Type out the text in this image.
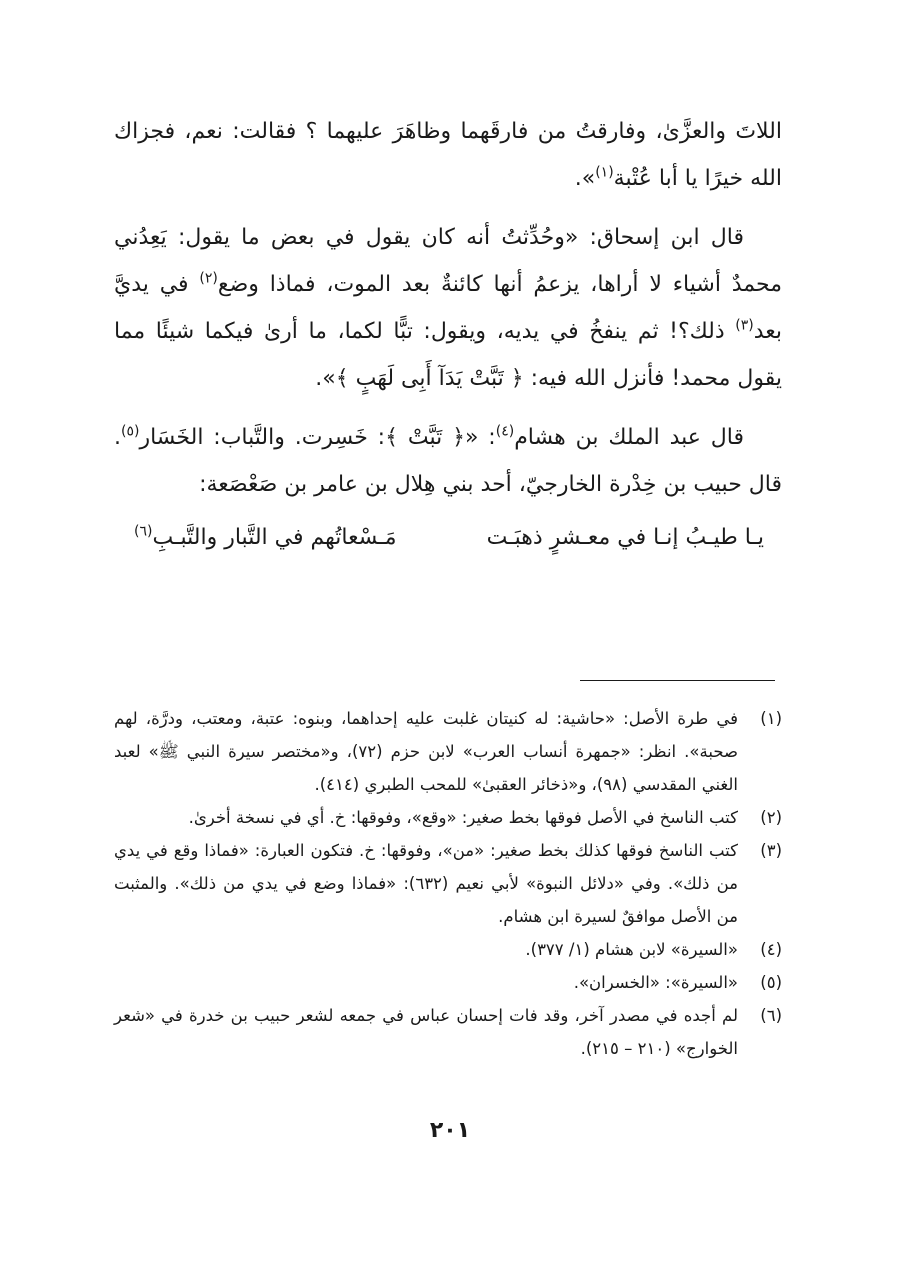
اللاتَ والعزَّىٰ، وفارقتُ من فارقَهما وظاهَرَ عليهما ؟ فقالت: نعم، فجزاك الله خيرًا يا أبا عُتْبة$^{(١)}$».

قال ابن إسحاق: «وحُدِّثتُ أنه كان يقول في بعض ما يقول: يَعِدُني محمدٌ أشياء لا أراها، يزعمُ أنها كائنةٌ بعد الموت، فماذا وضع$^{(٢)}$ في يديَّ بعد$^{(٣)}$ ذلك؟! ثم ينفخُ في يديه، ويقول: تبًّا لكما، ما أرىٰ فيكما شيئًا مما يقول محمد! فأنزل الله فيه: ﴿ تَبَّتْ يَدَآ أَبِى لَهَبٍ ﴾».

قال عبد الملك بن هشام$^{(٤)}$: «﴿ تَبَّتْ ﴾: خَسِرت. والتَّباب: الخَسَار$^{(٥)}$. قال حبيب بن خِدْرة الخارجيّ، أحد بني هِلال بن عامر بن صَعْصَعة:

يـا طيـبُ إنـا في معـشرٍ ذهبَـت
مَـسْعاتُهم في التَّبار والتَّبـبِ$^{(٦)}$
(١)
في طرة الأصل: «حاشية: له كنيتان غلبت عليه إحداهما، وبنوه: عتبة، ومعتب، ودرَّة، لهم صحبة». انظر: «جمهرة أنساب العرب» لابن حزم (٧٢)، و«مختصر سيرة النبي ﷺ» لعبد الغني المقدسي (٩٨)، و«ذخائر العقبىٰ» للمحب الطبري (٤١٤).
(٢)
كتب الناسخ في الأصل فوقها بخط صغير: «وقع»، وفوقها: خ. أي في نسخة أخرىٰ.
(٣)
كتب الناسخ فوقها كذلك بخط صغير: «من»، وفوقها: خ. فتكون العبارة: «فماذا وقع في يدي من ذلك». وفي «دلائل النبوة» لأبي نعيم (٦٣٢): «فماذا وضع في يدي من ذلك». والمثبت من الأصل موافقٌ لسيرة ابن هشام.
(٤)
«السيرة» لابن هشام (١/ ٣٧٧).
(٥)
«السيرة»: «الخسران».
(٦)
لم أجده في مصدر آخر، وقد فات إحسان عباس في جمعه لشعر حبيب بن خدرة في «شعر الخوارج» (٢١٠ – ٢١٥).
٢٠١
